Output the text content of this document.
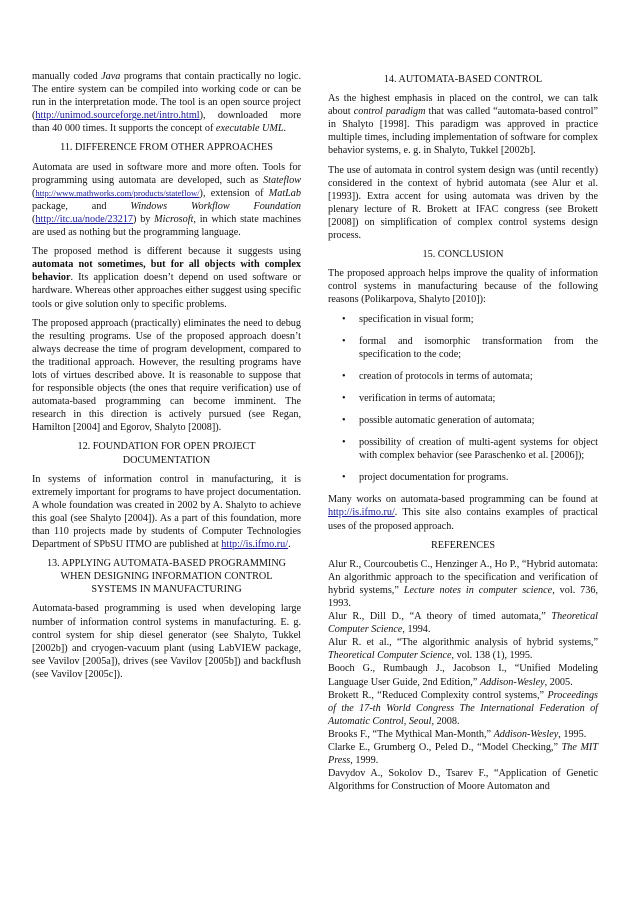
manually coded Java programs that contain practically no logic. The entire system can be compiled into working code or can be run in the interpretation mode. The tool is an open source project (http://unimod.sourceforge.net/intro.html), downloaded more than 40 000 times. It supports the concept of executable UML.

11. DIFFERENCE FROM OTHER APPROACHES

Automata are used in software more and more often. Tools for programming using automata are developed, such as Stateflow (http://www.mathworks.com/products/stateflow/), extension of MatLab package, and Windows Workflow Foundation (http://itc.ua/node/23217) by Microsoft, in which state machines are used as nothing but the programming language.

The proposed method is different because it suggests using automata not sometimes, but for all objects with complex behavior. Its application doesn’t depend on used software or hardware. Whereas other approaches either suggest using specific tools or give solution only to specific problems.

The proposed approach (practically) eliminates the need to debug the resulting programs. Use of the proposed approach doesn’t always decrease the time of program development, compared to the traditional approach. However, the resulting programs have lots of virtues described above. It is reasonable to suppose that for responsible objects (the ones that require verification) use of automata-based programming can become imminent. The research in this direction is actively pursued (see Regan, Hamilton [2004] and Egorov, Shalyto [2008]).

12. FOUNDATION FOR OPEN PROJECT DOCUMENTATION

In systems of information control in manufacturing, it is extremely important for programs to have project documentation. A whole foundation was created in 2002 by A. Shalyto to achieve this goal (see Shalyto [2004]). As a part of this foundation, more than 110 projects made by students of Computer Technologies Department of SPbSU ITMO are published at http://is.ifmo.ru/.

13. APPLYING AUTOMATA-BASED PROGRAMMING WHEN DESIGNING INFORMATION CONTROL SYSTEMS IN MANUFACTURING

Automata-based programming is used when developing large number of information control systems in manufacturing. E. g. control system for ship diesel generator (see Shalyto, Tukkel [2002b]) and cryogen-vacuum plant (using LabVIEW package, see Vavilov [2005a]), drives (see Vavilov [2005b]) and backflush (see Vavilov [2005c]).

14. AUTOMATA-BASED CONTROL

As the highest emphasis in placed on the control, we can talk about control paradigm that was called “automata-based control” in Shalyto [1998]. This paradigm was approved in practice multiple times, including implementation of software for complex behavior systems, e. g. in Shalyto, Tukkel [2002b].

The use of automata in control system design was (until recently) considered in the context of hybrid automata (see Alur et al. [1993]). Extra accent for using automata was driven by the plenary lecture of R. Brokett at IFAC congress (see Brokett [2008]) on simplification of complex control systems design process.

15. CONCLUSION

The proposed approach helps improve the quality of information control systems in manufacturing because of the following reasons (Polikarpova, Shalyto [2010]):

• specification in visual form;
• formal and isomorphic transformation from the specification to the code;
• creation of protocols in terms of automata;
• verification in terms of automata;
• possible automatic generation of automata;
• possibility of creation of multi-agent systems for object with complex behavior (see Paraschenko et al. [2006]);
• project documentation for programs.

Many works on automata-based programming can be found at http://is.ifmo.ru/. This site also contains examples of practical uses of the proposed approach.

REFERENCES

Alur R., Courcoubetis C., Henzinger A., Ho P., “Hybrid automata: An algorithmic approach to the specification and verification of hybrid systems,” Lecture notes in computer science, vol. 736, 1993.

Alur R., Dill D., “A theory of timed automata,” Theoretical Computer Science, 1994.

Alur R. et al., “The algorithmic analysis of hybrid systems,” Theoretical Computer Science, vol. 138 (1), 1995.

Booch G., Rumbaugh J., Jacobson I., “Unified Modeling Language User Guide, 2nd Edition,” Addison-Wesley, 2005.

Brokett R., “Reduced Complexity control systems,” Proceedings of the 17-th World Congress The International Federation of Automatic Control, Seoul, 2008.

Brooks F., “The Mythical Man-Month,” Addison-Wesley, 1995.

Clarke E., Grumberg O., Peled D., “Model Checking,” The MIT Press, 1999.

Davydov A., Sokolov D., Tsarev F., “Application of Genetic Algorithms for Construction of Moore Automaton and
